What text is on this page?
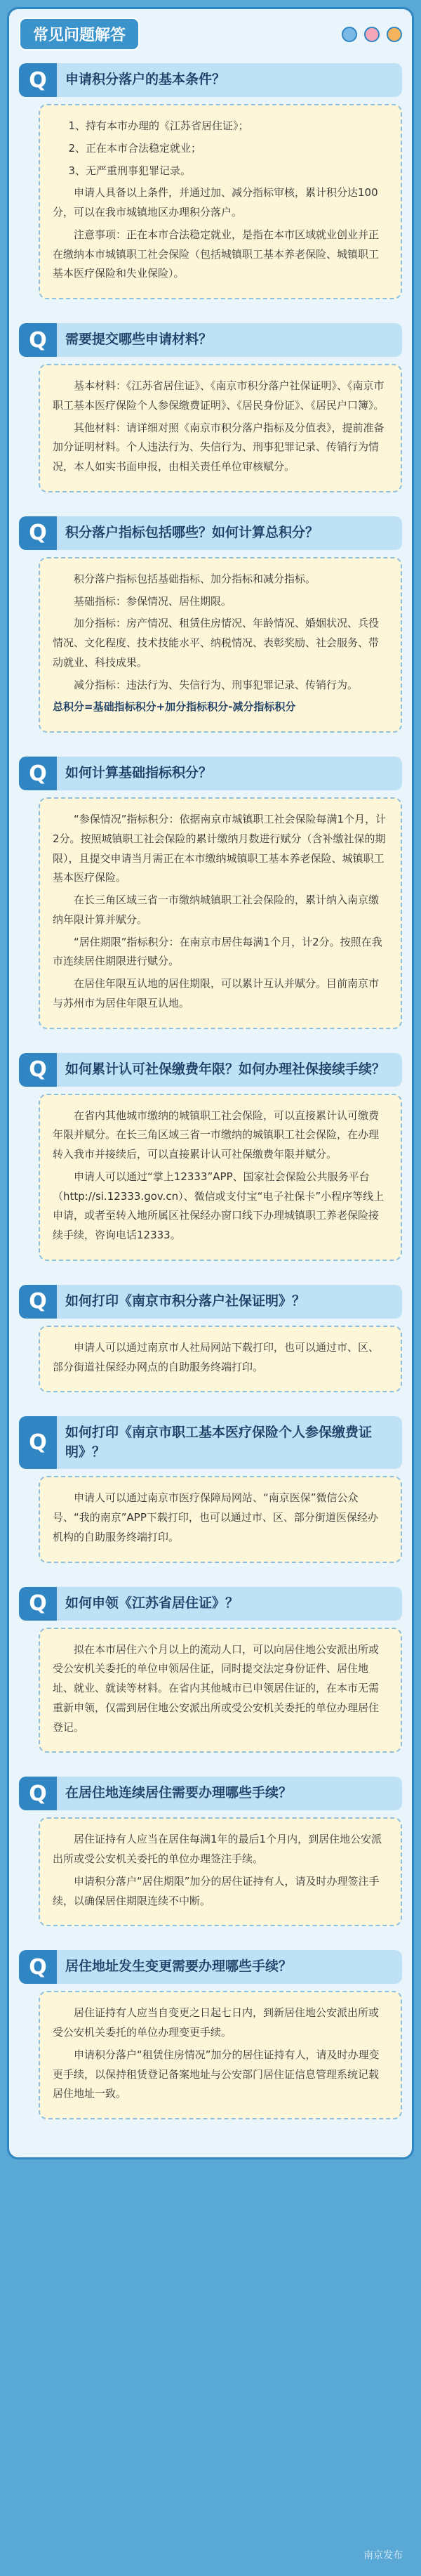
常见问题解答
Q	申请积分落户的基本条件？

1、持有本市办理的《江苏省居住证》；

2、正在本市合法稳定就业；

3、无严重刑事犯罪记录。

申请人具备以上条件，并通过加、减分指标审核，累计积分达100分，可以在我市城镇地区办理积分落户。

注意事项：正在本市合法稳定就业，是指在本市区域就业创业并正在缴纳本市城镇职工社会保险（包括城镇职工基本养老保险、城镇职工基本医疗保险和失业保险）。

Q	需要提交哪些申请材料？

基本材料：《江苏省居住证》、《南京市积分落户社保证明》、《南京市职工基本医疗保险个人参保缴费证明》、《居民身份证》、《居民户口簿》。

其他材料：请详细对照《南京市积分落户指标及分值表》，提前准备加分证明材料。个人违法行为、失信行为、刑事犯罪记录、传销行为情况，本人如实书面申报，由相关责任单位审核赋分。

Q	积分落户指标包括哪些？如何计算总积分？

积分落户指标包括基础指标、加分指标和减分指标。

基础指标：参保情况、居住期限。

加分指标：房产情况、租赁住房情况、年龄情况、婚姻状况、兵役情况、文化程度、技术技能水平、纳税情况、表彰奖励、社会服务、带动就业、科技成果。

减分指标：违法行为、失信行为、刑事犯罪记录、传销行为。

总积分=基础指标积分+加分指标积分-减分指标积分

Q	如何计算基础指标积分？

“参保情况”指标积分：依据南京市城镇职工社会保险每满1个月，计2分。按照城镇职工社会保险的累计缴纳月数进行赋分（含补缴社保的期限），且提交申请当月需正在本市缴纳城镇职工基本养老保险、城镇职工基本医疗保险。

在长三角区域三省一市缴纳城镇职工社会保险的，累计纳入南京缴纳年限计算并赋分。

“居住期限”指标积分：在南京市居住每满1个月，计2分。按照在我市连续居住期限进行赋分。

在居住年限互认地的居住期限，可以累计互认并赋分。目前南京市与苏州市为居住年限互认地。

Q	如何累计认可社保缴费年限？如何办理社保接续手续？

在省内其他城市缴纳的城镇职工社会保险，可以直接累计认可缴费年限并赋分。在长三角区域三省一市缴纳的城镇职工社会保险，在办理转入我市并接续后，可以直接累计认可社保缴费年限并赋分。

申请人可以通过“掌上12333”APP、国家社会保险公共服务平台（http://si.12333.gov.cn）、微信或支付宝“电子社保卡”小程序等线上申请，或者至转入地所属区社保经办窗口线下办理城镇职工养老保险接续手续，咨询电话12333。

Q	如何打印《南京市积分落户社保证明》？

申请人可以通过南京市人社局网站下载打印，也可以通过市、区、部分街道社保经办网点的自助服务终端打印。

Q	如何打印《南京市职工基本医疗保险个人参保缴费证明》？

申请人可以通过南京市医疗保障局网站、“南京医保”微信公众号、“我的南京”APP下载打印，也可以通过市、区、部分街道医保经办机构的自助服务终端打印。

Q	如何申领《江苏省居住证》？

拟在本市居住六个月以上的流动人口，可以向居住地公安派出所或受公安机关委托的单位申领居住证，同时提交法定身份证件、居住地址、就业、就读等材料。在省内其他城市已申领居住证的，在本市无需重新申领，仅需到居住地公安派出所或受公安机关委托的单位办理居住登记。

Q	在居住地连续居住需要办理哪些手续？

居住证持有人应当在居住每满1年的最后1个月内，到居住地公安派出所或受公安机关委托的单位办理签注手续。

申请积分落户“居住期限”加分的居住证持有人，请及时办理签注手续，以确保居住期限连续不中断。

Q	居住地址发生变更需要办理哪些手续？

居住证持有人应当自变更之日起七日内，到新居住地公安派出所或受公安机关委托的单位办理变更手续。

申请积分落户“租赁住房情况”加分的居住证持有人，请及时办理变更手续，以保持租赁登记备案地址与公安部门居住证信息管理系统记载居住地址一致。

南京发布
